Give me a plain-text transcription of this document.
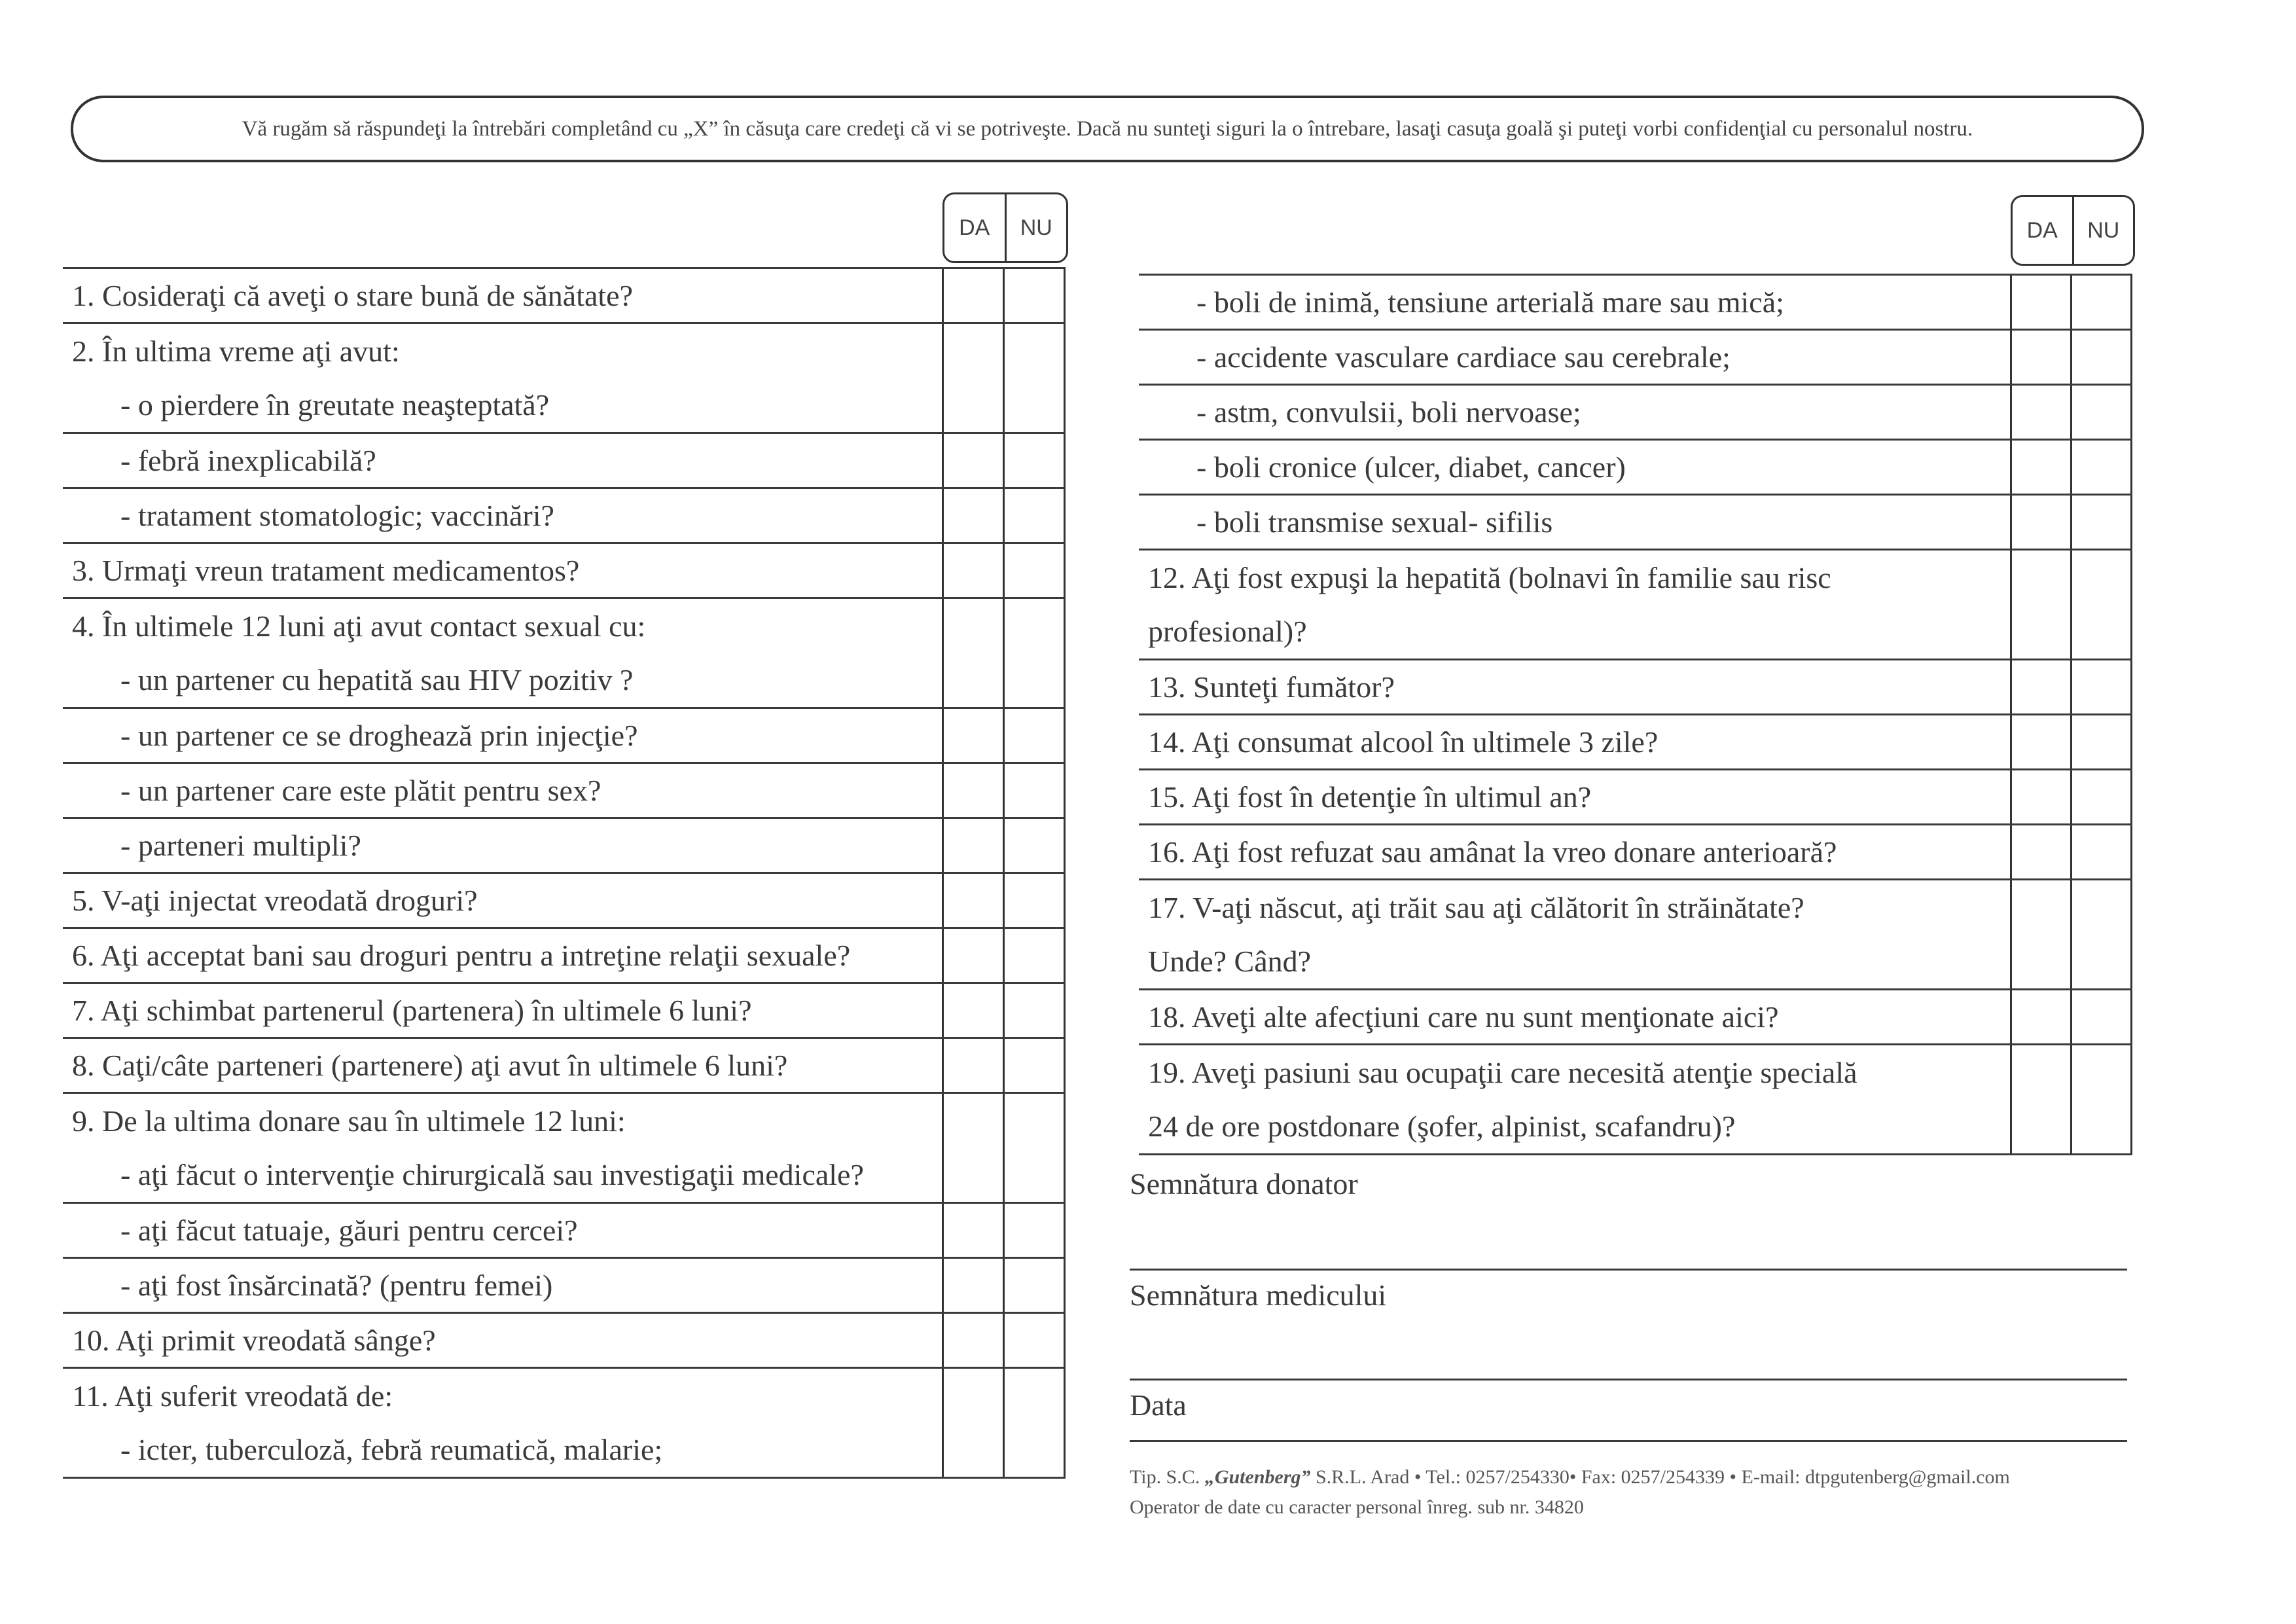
Vă rugăm să răspundeţi la întrebări completând cu „X” în căsuţa care credeţi că vi se potriveşte. Dacă nu sunteţi siguri la o întrebare, lasaţi casuţa goală şi puteţi vorbi confidenţial cu personalul nostru.
DA	NU
1. Cosideraţi că aveţi o stare bună de sănătate?		
2. În ultima vreme aţi avut:		
- o pierdere în greutate neaşteptată?		
- febră inexplicabilă?		
- tratament stomatologic; vaccinări?		
3. Urmaţi vreun tratament medicamentos?		
4. În ultimele 12 luni aţi avut contact sexual cu:		
- un partener cu hepatită sau HIV pozitiv ?		
- un partener ce se droghează prin injecţie?		
- un partener care este plătit pentru sex?		
- parteneri multipli?		
5. V-aţi injectat vreodată droguri?		
6. Aţi acceptat bani sau droguri pentru a intreţine relaţii sexuale?		
7. Aţi schimbat partenerul (partenera) în ultimele 6 luni?		
8. Caţi/câte parteneri (partenere) aţi avut în ultimele 6 luni?		
9. De la ultima donare sau în ultimele 12 luni:		
- aţi făcut o intervenţie chirurgicală sau investigaţii medicale?		
- aţi făcut tatuaje, găuri pentru cercei?		
- aţi fost însărcinată? (pentru femei)		
10. Aţi primit vreodată sânge?		
11. Aţi suferit vreodată de:		
- icter, tuberculoză, febră reumatică, malarie;		
DA	NU
- boli de inimă, tensiune arterială mare sau mică;		
- accidente vasculare cardiace sau cerebrale;		
- astm, convulsii, boli nervoase;		
- boli cronice (ulcer, diabet, cancer)		
- boli transmise sexual- sifilis		
12. Aţi fost expuşi la hepatită (bolnavi în familie sau risc		
profesional)?		
13. Sunteţi fumător?		
14. Aţi consumat alcool în ultimele 3 zile?		
15. Aţi fost în detenţie în ultimul an?		
16. Aţi fost refuzat sau amânat la vreo donare anterioară?		
17. V-aţi născut, aţi trăit sau aţi călătorit în străinătate?		
Unde? Când?		
18. Aveţi alte afecţiuni care nu sunt menţionate aici?		
19. Aveţi pasiuni sau ocupaţii care necesită atenţie specială		
24 de ore postdonare (şofer, alpinist, scafandru)?		
Semnătura donator
Semnătura medicului
Data
Tip. S.C. „Gutenberg” S.R.L. Arad • Tel.: 0257/254330• Fax: 0257/254339 • E-mail: dtpgutenberg@gmail.com
Operator de date cu caracter personal înreg. sub nr. 34820
